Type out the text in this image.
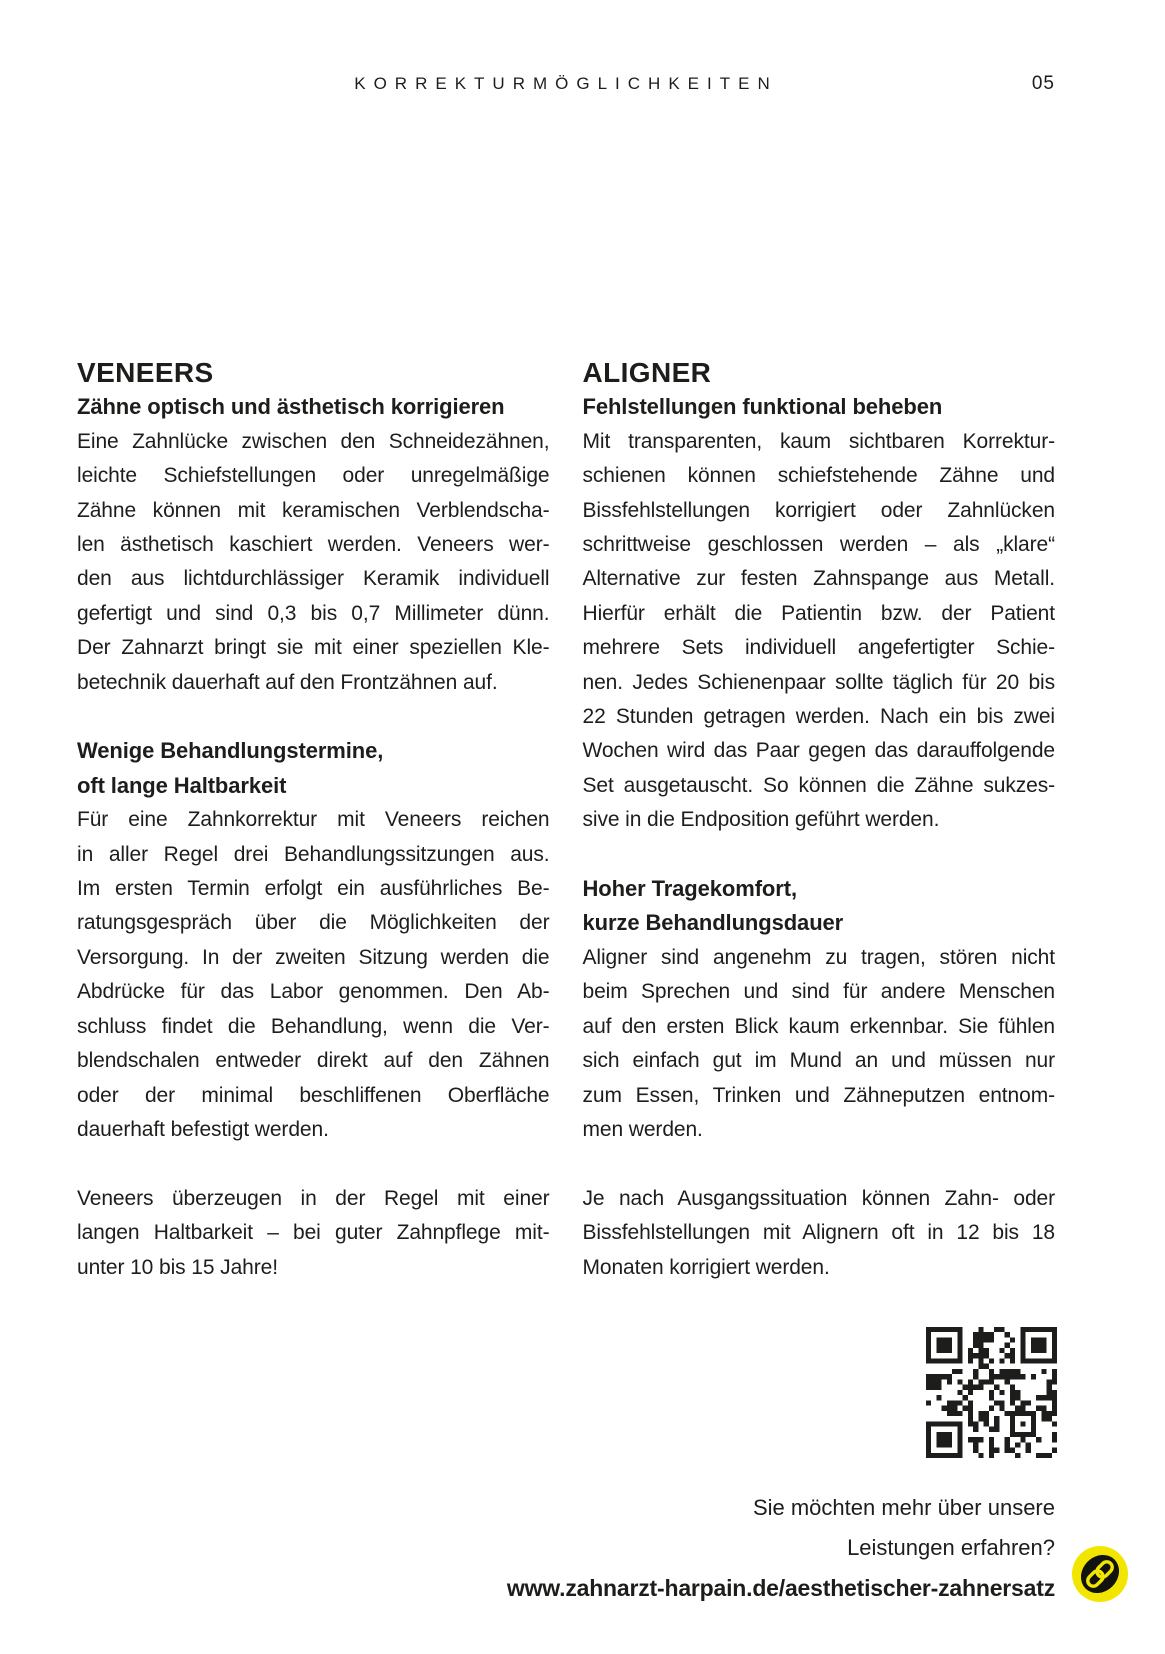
KORREKTURMÖGLICHKEITEN	05
VENEERS
Zähne optisch und ästhetisch korrigieren
Eine Zahnlücke zwischen den Schneidezähnen,
leichte Schiefstellungen oder unregelmäßige
Zähne können mit keramischen Verblendscha-
len ästhetisch kaschiert werden. Veneers wer-
den aus lichtdurchlässiger Keramik individuell
gefertigt und sind 0,3 bis 0,7 Millimeter dünn.
Der Zahnarzt bringt sie mit einer speziellen Kle-
betechnik dauerhaft auf den Frontzähnen auf.
Wenige Behandlungstermine,
oft lange Haltbarkeit
Für eine Zahnkorrektur mit Veneers reichen
in aller Regel drei Behandlungssitzungen aus.
Im ersten Termin erfolgt ein ausführliches Be-
ratungsgespräch über die Möglichkeiten der
Versorgung. In der zweiten Sitzung werden die
Abdrücke für das Labor genommen. Den Ab-
schluss findet die Behandlung, wenn die Ver-
blendschalen entweder direkt auf den Zähnen
oder der minimal beschliffenen Oberfläche
dauerhaft befestigt werden.
Veneers überzeugen in der Regel mit einer
langen Haltbarkeit – bei guter Zahnpflege mit-
unter 10 bis 15 Jahre!
ALIGNER
Fehlstellungen funktional beheben
Mit transparenten, kaum sichtbaren Korrektur-
schienen können schiefstehende Zähne und
Bissfehlstellungen korrigiert oder Zahnlücken
schrittweise geschlossen werden – als „klare“
Alternative zur festen Zahnspange aus Metall.
Hierfür erhält die Patientin bzw. der Patient
mehrere Sets individuell angefertigter Schie-
nen. Jedes Schienenpaar sollte täglich für 20 bis
22 Stunden getragen werden. Nach ein bis zwei
Wochen wird das Paar gegen das darauffolgende
Set ausgetauscht. So können die Zähne sukzes-
sive in die Endposition geführt werden.
Hoher Tragekomfort,
kurze Behandlungsdauer
Aligner sind angenehm zu tragen, stören nicht
beim Sprechen und sind für andere Menschen
auf den ersten Blick kaum erkennbar. Sie fühlen
sich einfach gut im Mund an und müssen nur
zum Essen, Trinken und Zähneputzen entnom-
men werden.
Je nach Ausgangssituation können Zahn- oder
Bissfehlstellungen mit Alignern oft in 12 bis 18
Monaten korrigiert werden.
Sie möchten mehr über unsere
Leistungen erfahren?
www.zahnarzt-harpain.de/aesthetischer-zahnersatz
